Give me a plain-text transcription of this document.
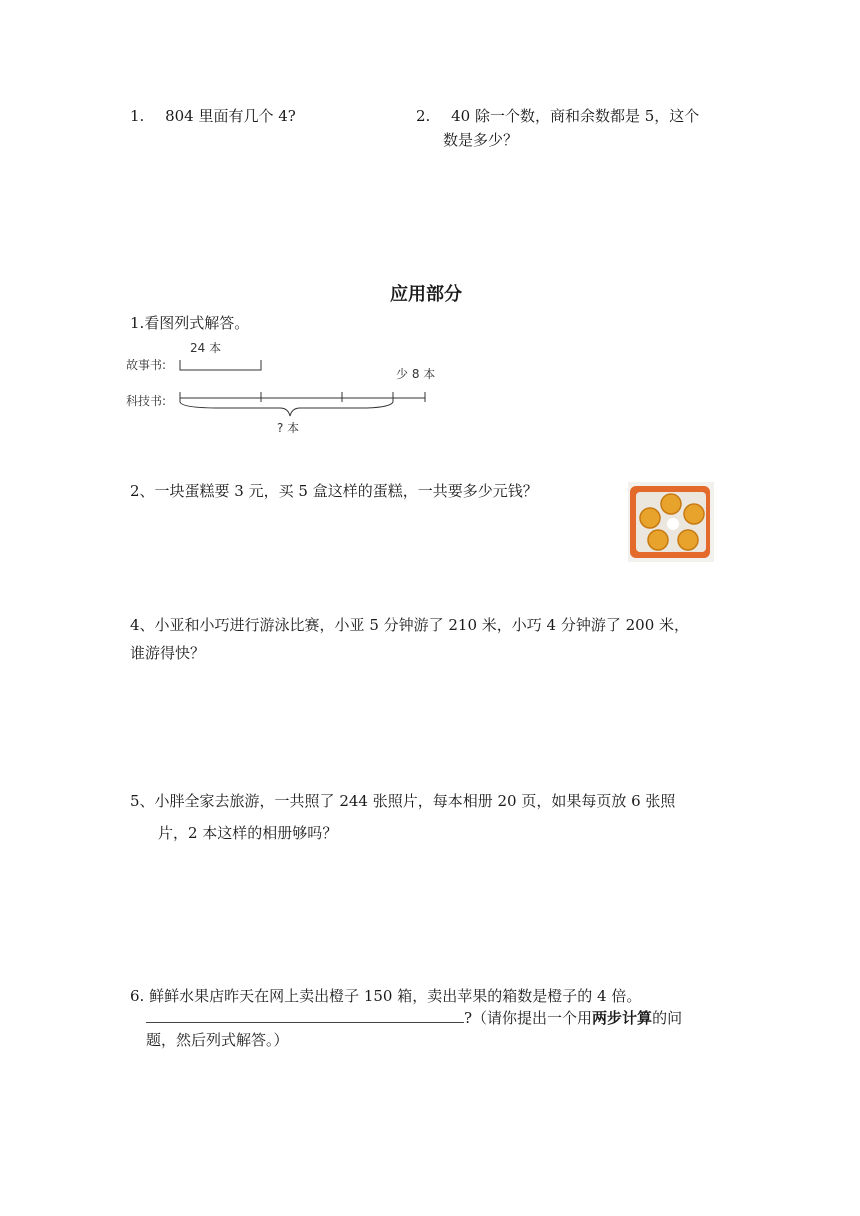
1. 804 里面有几个 4?	2. 40 除一个数，商和余数都是 5，这个
数是多少？
应用部分
1.看图列式解答。
24 本
故事书:
科技书:
少 8 本
? 本
2、一块蛋糕要 3 元，买 5 盒这样的蛋糕，一共要多少元钱？
4、小亚和小巧进行游泳比赛，小亚 5 分钟游了 210 米，小巧 4 分钟游了 200 米，
谁游得快？
5、小胖全家去旅游，一共照了 244 张照片，每本相册 20 页，如果每页放 6 张照
片，2 本这样的相册够吗？
6. 鲜鲜水果店昨天在网上卖出橙子 150 箱，卖出苹果的箱数是橙子的 4 倍。
?（请你提出一个用两步计算的问
题，然后列式解答。）
